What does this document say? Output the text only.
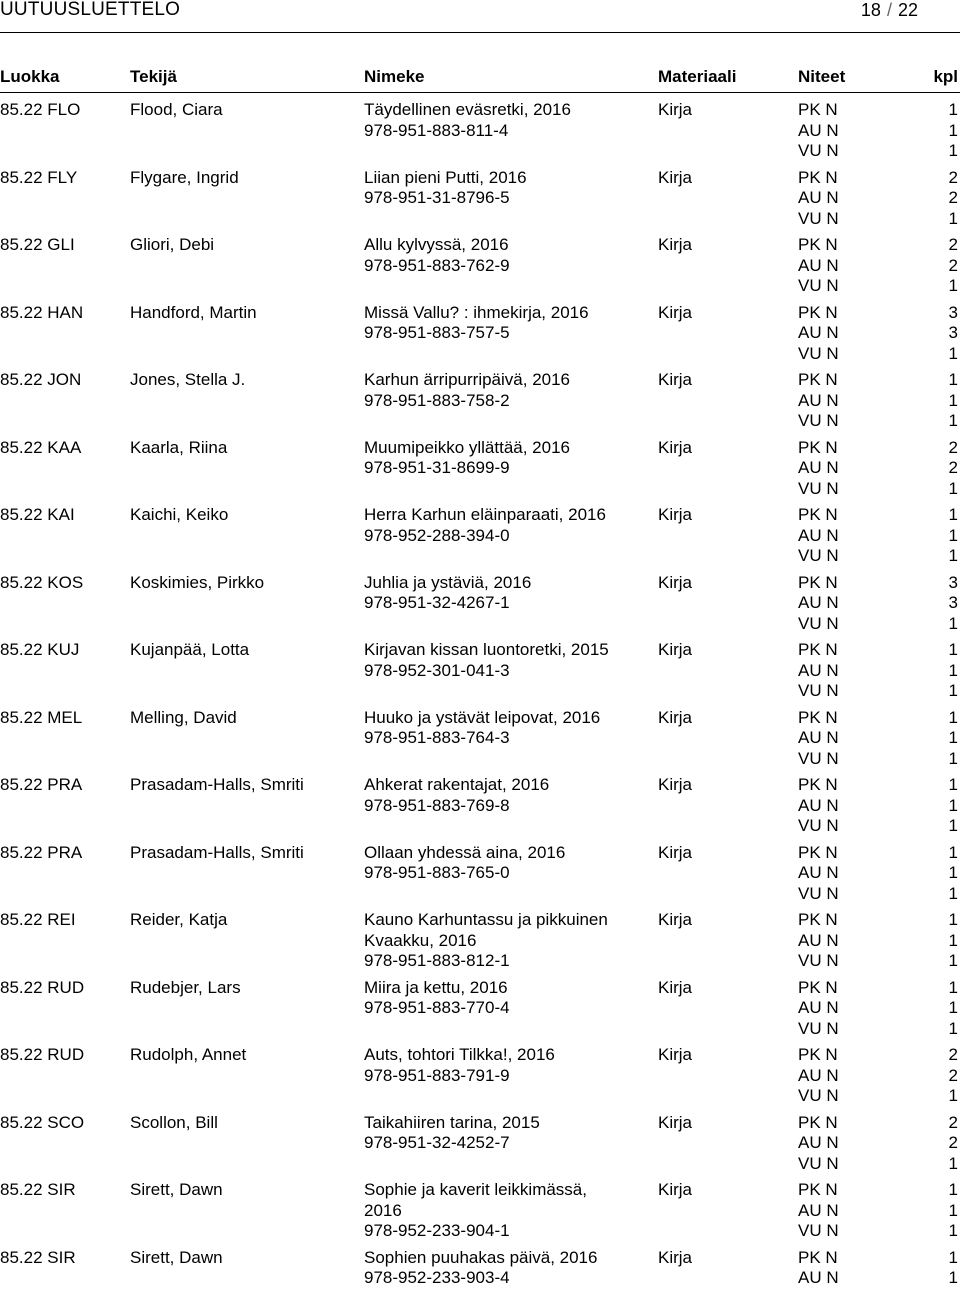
UUTUUSLUETTELO	18 / 22
Luokka	Tekijä	Nimeke	Materiaali	Niteet	kpl
85.22 FLO	Flood, Ciara	Täydellinen eväsretki, 2016
978-951-883-811-4
Kirja	PK N	1
AU N	1
VU N	1
85.22 FLY	Flygare, Ingrid	Liian pieni Putti, 2016
978-951-31-8796-5
Kirja	PK N	2
AU N	2
VU N	1
85.22 GLI	Gliori, Debi	Allu kylvyssä, 2016
978-951-883-762-9
Kirja	PK N	2
AU N	2
VU N	1
85.22 HAN	Handford, Martin	Missä Vallu? : ihmekirja, 2016
978-951-883-757-5
Kirja	PK N	3
AU N	3
VU N	1
85.22 JON	Jones, Stella J.	Karhun ärripurripäivä, 2016
978-951-883-758-2
Kirja	PK N	1
AU N	1
VU N	1
85.22 KAA	Kaarla, Riina	Muumipeikko yllättää, 2016
978-951-31-8699-9
Kirja	PK N	2
AU N	2
VU N	1
85.22 KAI	Kaichi, Keiko	Herra Karhun eläinparaati, 2016
978-952-288-394-0
Kirja	PK N	1
AU N	1
VU N	1
85.22 KOS	Koskimies, Pirkko	Juhlia ja ystäviä, 2016
978-951-32-4267-1
Kirja	PK N	3
AU N	3
VU N	1
85.22 KUJ	Kujanpää, Lotta	Kirjavan kissan luontoretki, 2015
978-952-301-041-3
Kirja	PK N	1
AU N	1
VU N	1
85.22 MEL	Melling, David	Huuko ja ystävät leipovat, 2016
978-951-883-764-3
Kirja	PK N	1
AU N	1
VU N	1
85.22 PRA	Prasadam-Halls, Smriti	Ahkerat rakentajat, 2016
978-951-883-769-8
Kirja	PK N	1
AU N	1
VU N	1
85.22 PRA	Prasadam-Halls, Smriti	Ollaan yhdessä aina, 2016
978-951-883-765-0
Kirja	PK N	1
AU N	1
VU N	1
85.22 REI	Reider, Katja	Kauno Karhuntassu ja pikkuinen
Kvaakku, 2016
978-951-883-812-1
Kirja	PK N	1
AU N	1
VU N	1
85.22 RUD	Rudebjer, Lars	Miira ja kettu, 2016
978-951-883-770-4
Kirja	PK N	1
AU N	1
VU N	1
85.22 RUD	Rudolph, Annet	Auts, tohtori Tilkka!, 2016
978-951-883-791-9
Kirja	PK N	2
AU N	2
VU N	1
85.22 SCO	Scollon, Bill	Taikahiiren tarina, 2015
978-951-32-4252-7
Kirja	PK N	2
AU N	2
VU N	1
85.22 SIR	Sirett, Dawn	Sophie ja kaverit leikkimässä,
2016
978-952-233-904-1
Kirja	PK N	1
AU N	1
VU N	1
85.22 SIR	Sirett, Dawn	Sophien puuhakas päivä, 2016
978-952-233-903-4
Kirja	PK N	1
AU N	1
